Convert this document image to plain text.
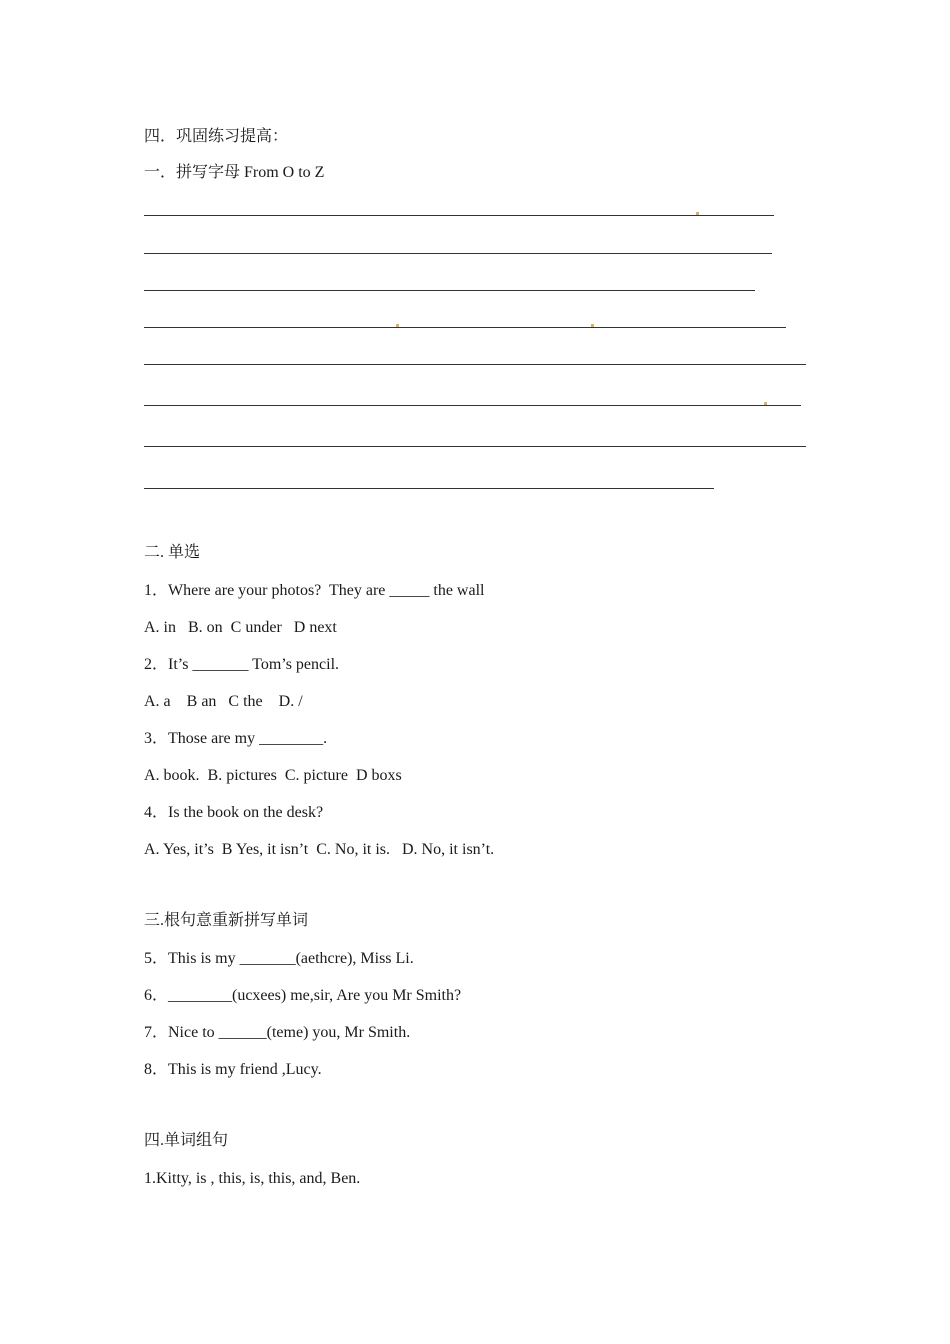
四．巩固练习提高：
一．拼写字母 From O to Z
二. 单选
1．Where are your photos?  They are _____ the wall
A. in   B. on  C under   D next
2．It’s _______ Tom’s pencil.
A. a    B an   C the    D. /
3．Those are my ________.
A. book.  B. pictures  C. picture  D boxs
4．Is the book on the desk?
A. Yes, it’s  B Yes, it isn’t  C. No, it is.   D. No, it isn’t.
三.根句意重新拼写单词
5．This is my _______(aethcre), Miss Li.
6．________(ucxees) me,sir, Are you Mr Smith?
7．Nice to ______(teme) you, Mr Smith.
8．This is my friend ,Lucy.
四.单词组句
1.Kitty, is , this, is, this, and, Ben.
